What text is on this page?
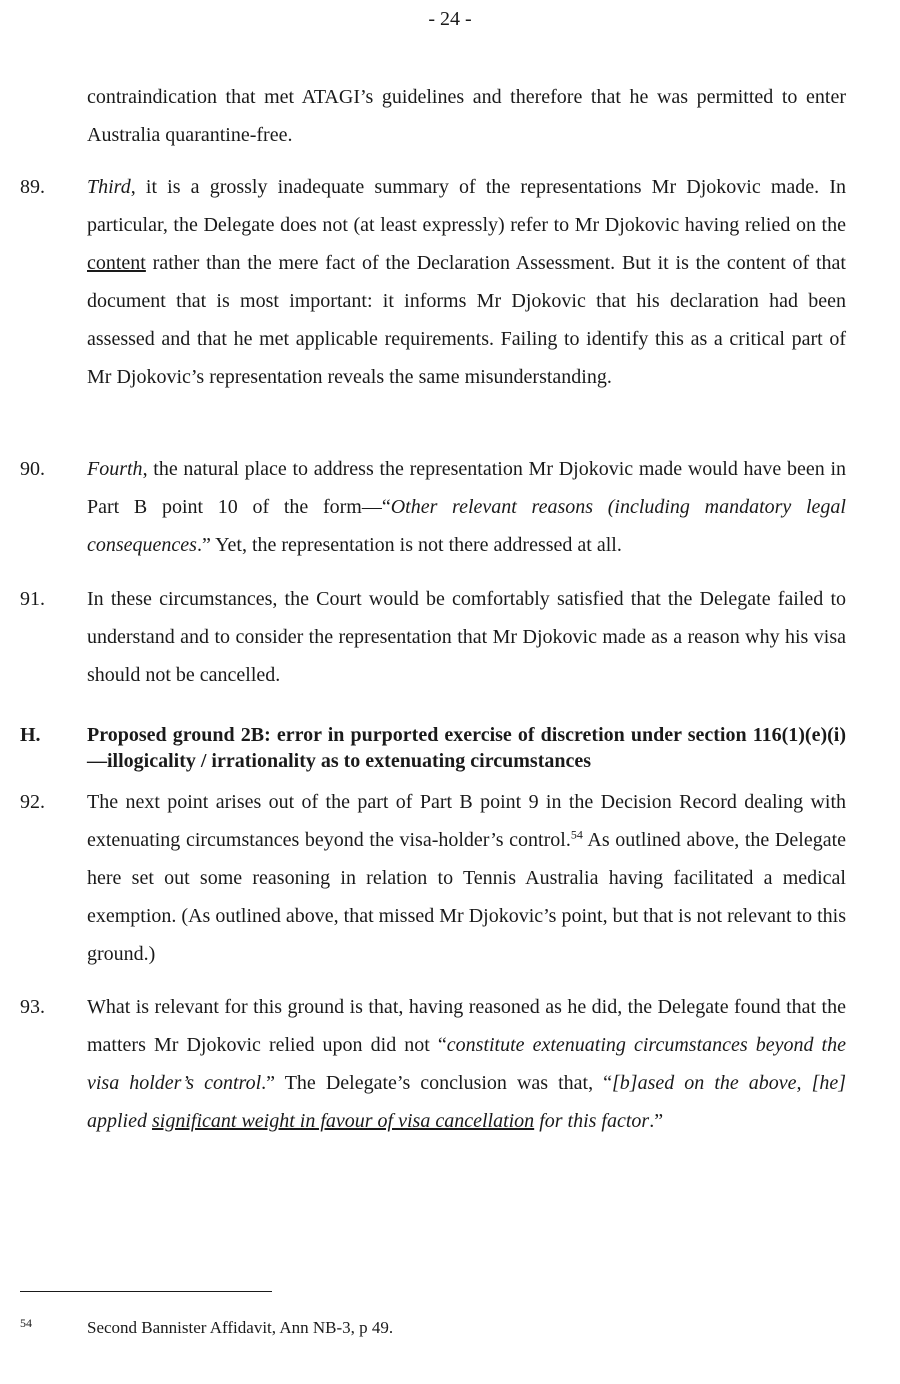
- 24 -
contraindication that met ATAGI’s guidelines and therefore that he was permitted to enter Australia quarantine-free.
89. Third, it is a grossly inadequate summary of the representations Mr Djokovic made. In particular, the Delegate does not (at least expressly) refer to Mr Djokovic having relied on the content rather than the mere fact of the Declaration Assessment. But it is the content of that document that is most important: it informs Mr Djokovic that his declaration had been assessed and that he met applicable requirements. Failing to identify this as a critical part of Mr Djokovic’s representation reveals the same misunderstanding.
90. Fourth, the natural place to address the representation Mr Djokovic made would have been in Part B point 10 of the form—“Other relevant reasons (including mandatory legal consequences.” Yet, the representation is not there addressed at all.
91. In these circumstances, the Court would be comfortably satisfied that the Delegate failed to understand and to consider the representation that Mr Djokovic made as a reason why his visa should not be cancelled.
H. Proposed ground 2B: error in purported exercise of discretion under section 116(1)(e)(i)—illogicality / irrationality as to extenuating circumstances
92. The next point arises out of the part of Part B point 9 in the Decision Record dealing with extenuating circumstances beyond the visa-holder’s control.$^{54}$ As outlined above, the Delegate here set out some reasoning in relation to Tennis Australia having facilitated a medical exemption. (As outlined above, that missed Mr Djokovic’s point, but that is not relevant to this ground.)
93. What is relevant for this ground is that, having reasoned as he did, the Delegate found that the matters Mr Djokovic relied upon did not “constitute extenuating circumstances beyond the visa holder’s control.” The Delegate’s conclusion was that, “[b]ased on the above, [he] applied significant weight in favour of visa cancellation for this factor.”
54	Second Bannister Affidavit, Ann NB-3, p 49.
